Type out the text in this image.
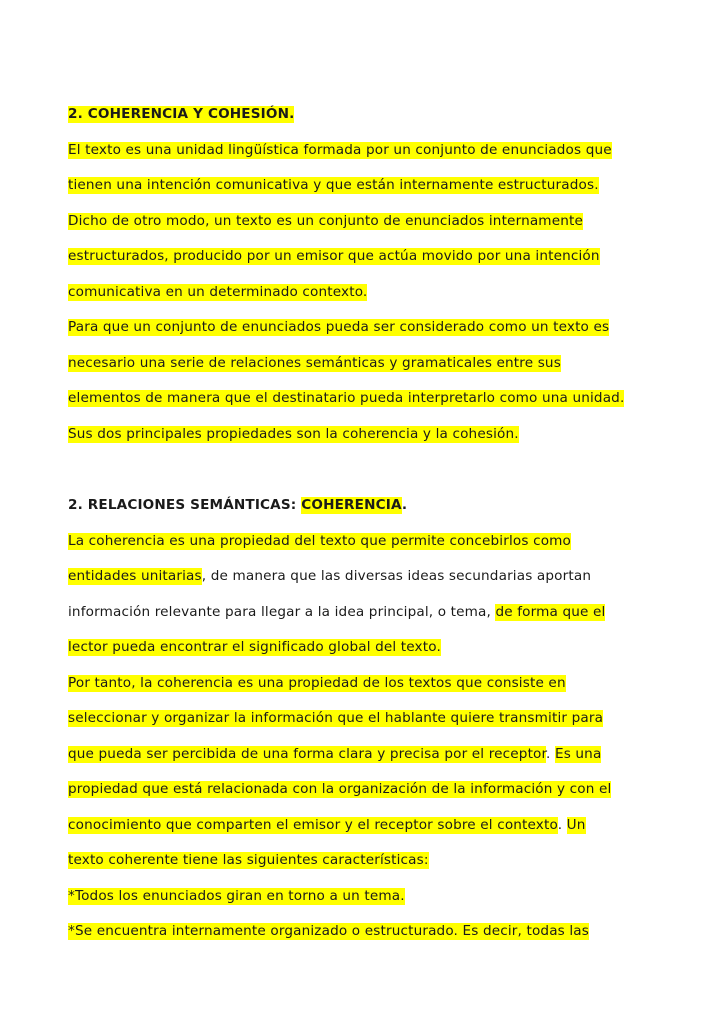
2. COHERENCIA Y COHESIÓN.
El texto es una unidad lingüística formada por un conjunto de enunciados que
tienen una intención comunicativa y que están internamente estructurados.
Dicho de otro modo, un texto es un conjunto de enunciados internamente
estructurados, producido por un emisor que actúa movido por una intención
comunicativa en un determinado contexto.
Para que un conjunto de enunciados pueda ser considerado como un texto es
necesario una serie de relaciones semánticas y gramaticales entre sus
elementos de manera que el destinatario pueda interpretarlo como una unidad.
Sus dos principales propiedades son la coherencia y la cohesión.
2. RELACIONES SEMÁNTICAS: COHERENCIA.
La coherencia es una propiedad del texto que permite concebirlos como
entidades unitarias, de manera que las diversas ideas secundarias aportan
información relevante para llegar a la idea principal, o tema, de forma que el
lector pueda encontrar el significado global del texto.
Por tanto, la coherencia es una propiedad de los textos que consiste en
seleccionar y organizar la información que el hablante quiere transmitir para
que pueda ser percibida de una forma clara y precisa por el receptor. Es una
propiedad que está relacionada con la organización de la información y con el
conocimiento que comparten el emisor y el receptor sobre el contexto. Un
texto coherente tiene las siguientes características:
*Todos los enunciados giran en torno a un tema.
*Se encuentra internamente organizado o estructurado. Es decir, todas las
